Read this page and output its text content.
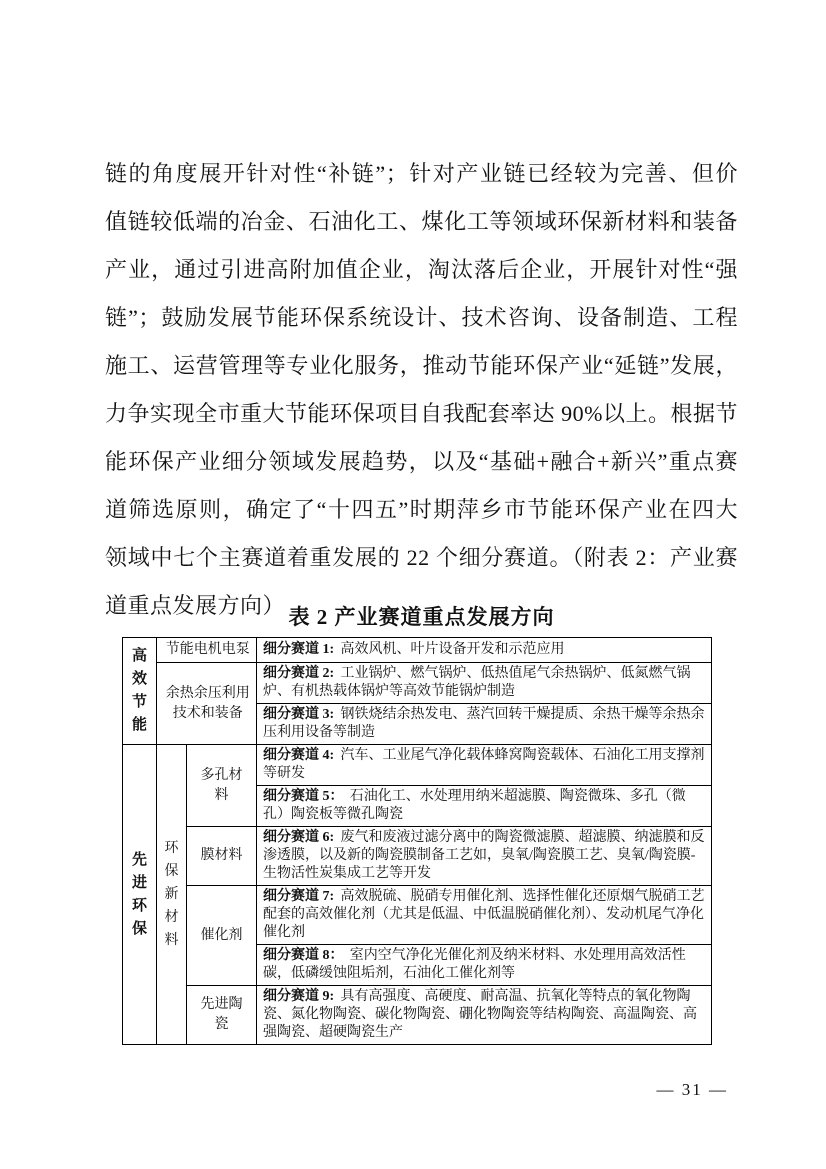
链的角度展开针对性“补链”；针对产业链已经较为完善、但价
值链较低端的冶金、石油化工、煤化工等领域环保新材料和装备
产业，通过引进高附加值企业，淘汰落后企业，开展针对性“强
链”；鼓励发展节能环保系统设计、技术咨询、设备制造、工程
施工、运营管理等专业化服务，推动节能环保产业“延链”发展，
力争实现全市重大节能环保项目自我配套率达 90%以上。根据节
能环保产业细分领域发展趋势，以及“基础+融合+新兴”重点赛
道筛选原则，确定了“十四五”时期萍乡市节能环保产业在四大
领域中七个主赛道着重发展的 22 个细分赛道。（附表 2：产业赛
道重点发展方向） 表 2 产业赛道重点发展方向
高效节能	节能电机电泵		细分赛道 1: 高效风机、叶片设备开发和示范应用
	余热余压利用技术和装备		细分赛道 2: 工业锅炉、燃气锅炉、低热值尾气余热锅炉、低氮燃气锅炉、有机热载体锅炉等高效节能锅炉制造
			细分赛道 3: 钢铁烧结余热发电、蒸汽回转干燥提质、余热干燥等余热余压利用设备等制造
先进环保	环保新材料	多孔材料	细分赛道 4: 汽车、工业尾气净化载体蜂窝陶瓷载体、石油化工用支撑剂等研发
			细分赛道 5： 石油化工、水处理用纳米超滤膜、陶瓷微珠、多孔（微孔）陶瓷板等微孔陶瓷
		膜材料	细分赛道 6: 废气和废液过滤分离中的陶瓷微滤膜、超滤膜、纳滤膜和反渗透膜，以及新的陶瓷膜制备工艺如，臭氧/陶瓷膜工艺、臭氧/陶瓷膜-生物活性炭集成工艺等开发
		催化剂	细分赛道 7: 高效脱硫、脱硝专用催化剂、选择性催化还原烟气脱硝工艺配套的高效催化剂（尤其是低温、中低温脱硝催化剂）、发动机尾气净化催化剂
			细分赛道 8： 室内空气净化光催化剂及纳米材料、水处理用高效活性碳，低磷缓蚀阻垢剂，石油化工催化剂等
		先进陶瓷	细分赛道 9: 具有高强度、高硬度、耐高温、抗氧化等特点的氧化物陶瓷、氮化物陶瓷、碳化物陶瓷、硼化物陶瓷等结构陶瓷、高温陶瓷、高强陶瓷、超硬陶瓷生产
— 31 —
